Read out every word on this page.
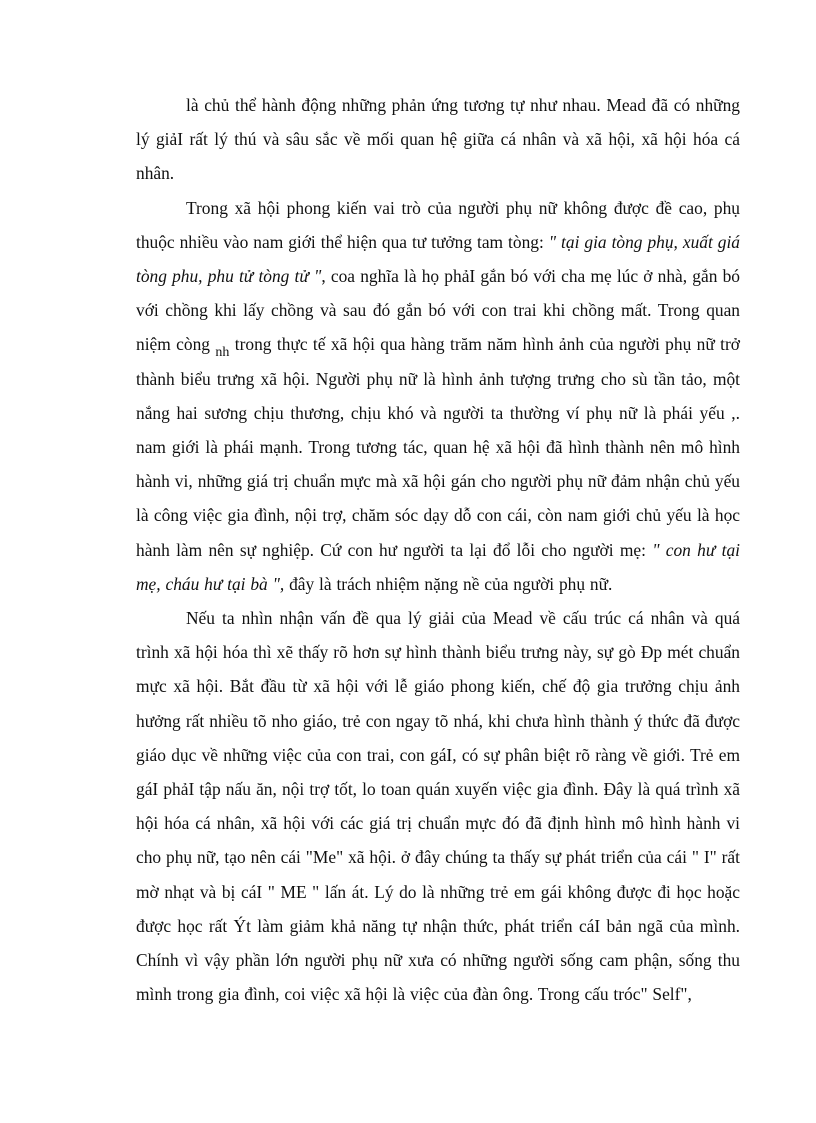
là chủ thể hành động những phản ứng tương tự như nhau. Mead đã có những lý giảI rất lý thú và sâu sắc về mối quan hệ giữa cá nhân và xã hội, xã hội hóa cá nhân.

Trong xã hội phong kiến vai trò của người phụ nữ không được đề cao, phụ thuộc nhiều vào nam giới thể hiện qua tư tưởng tam tòng: " tại gia tòng phụ, xuất giá tòng phu, phu tử tòng tử ", coa nghĩa là họ phảI gắn bó với cha mẹ lúc ở nhà, gắn bó với chồng khi lấy chồng và sau đó gắn bó với con trai khi chồng mất. Trong quan niệm còng $_{nh}$ trong thực tế xã hội qua hàng trăm năm hình ảnh của người phụ nữ trở thành biểu trưng xã hội. Người phụ nữ là hình ảnh tượng trưng cho sù tần tảo, một nắng hai sương chịu thương, chịu khó và người ta thường ví phụ nữ là phái yếu ,. nam giới là phái mạnh. Trong tương tác, quan hệ xã hội đã hình thành nên mô hình hành vi, những giá trị chuẩn mực mà xã hội gán cho người phụ nữ đảm nhận chủ yếu là công việc gia đình, nội trợ, chăm sóc dạy dỗ con cái, còn nam giới chủ yếu là học hành làm nên sự nghiệp. Cứ con hư người ta lại đổ lỗi cho người mẹ: " con hư tại mẹ, cháu hư tại bà ", đây là trách nhiệm nặng nề của người phụ nữ.

Nếu ta nhìn nhận vấn đề qua lý giải của Mead về cấu trúc cá nhân và quá trình xã hội hóa thì xẽ thấy rõ hơn sự hình thành biểu trưng này, sự gò Ðp mét chuẩn mực xã hội. Bắt đầu từ xã hội với lễ giáo phong kiến, chế độ gia trưởng chịu ảnh hưởng rất nhiều tõ nho giáo, trẻ con ngay tõ nhá, khi chưa hình thành ý thức đã được giáo dục về những việc của con trai, con gáI, có sự phân biệt rõ ràng về giới. Trẻ em gáI phảI tập nấu ăn, nội trợ tốt, lo toan quán xuyến việc gia đình. Đây là quá trình xã hội hóa cá nhân, xã hội với các giá trị chuẩn mực đó đã định hình mô hình hành vi cho phụ nữ, tạo nên cái "Me" xã hội. ở đây chúng ta thấy sự phát triển của cái " I" rất mờ nhạt và bị cáI " ME " lấn át. Lý do là những trẻ em gái không được đi học hoặc được học rất Ýt làm giảm khả năng tự nhận thức, phát triển cáI bản ngã của mình. Chính vì vậy phần lớn người phụ nữ xưa có những người sống cam phận, sống thu mình trong gia đình, coi việc xã hội là việc của đàn ông. Trong cấu tróc" Self",
